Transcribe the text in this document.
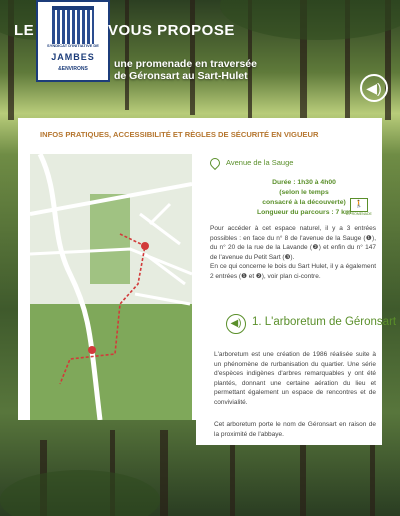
LE
SYNDICAT D'INITIATIVE DE
JAMBES
&ENVIRONS
VOUS PROPOSE
une promenade en traversée
de Géronsart au Sart-Hulet
◀)
INFOS PRATIQUES, ACCESSIBILITÉ ET RÈGLES DE SÉCURITÉ EN VIGUEUR
Avenue de la Sauge
Durée : 1h30 à 4h00
(selon le temps
consacré à la découverte)
Longueur du parcours : 7 km
🚶
À PROMENADE

Pour accéder à cet espace naturel, il y a 3 entrées possibles : en face du n° 8 de l'avenue de la Sauge (❶), du n° 20 de la rue de la Lavande (❷) et enfin du n° 147 de l'avenue du Petit Sart (❸).

En ce qui concerne le bois du Sart Hulet, il y a également 2 entrées (❶ et ❷), voir plan ci-contre.

◀) 1. L'arboretum de Géronsart

L'arboretum est une création de 1986 réalisée suite à un phénomène de rurbanisation du quartier. Une série d'espèces indigènes d'arbres remarquables y ont été plantés, donnant une certaine aération du lieu et permettant également un espace de rencontres et de convivialité.

Cet arboretum porte le nom de Géronsart en raison de la proximité de l'abbaye.
